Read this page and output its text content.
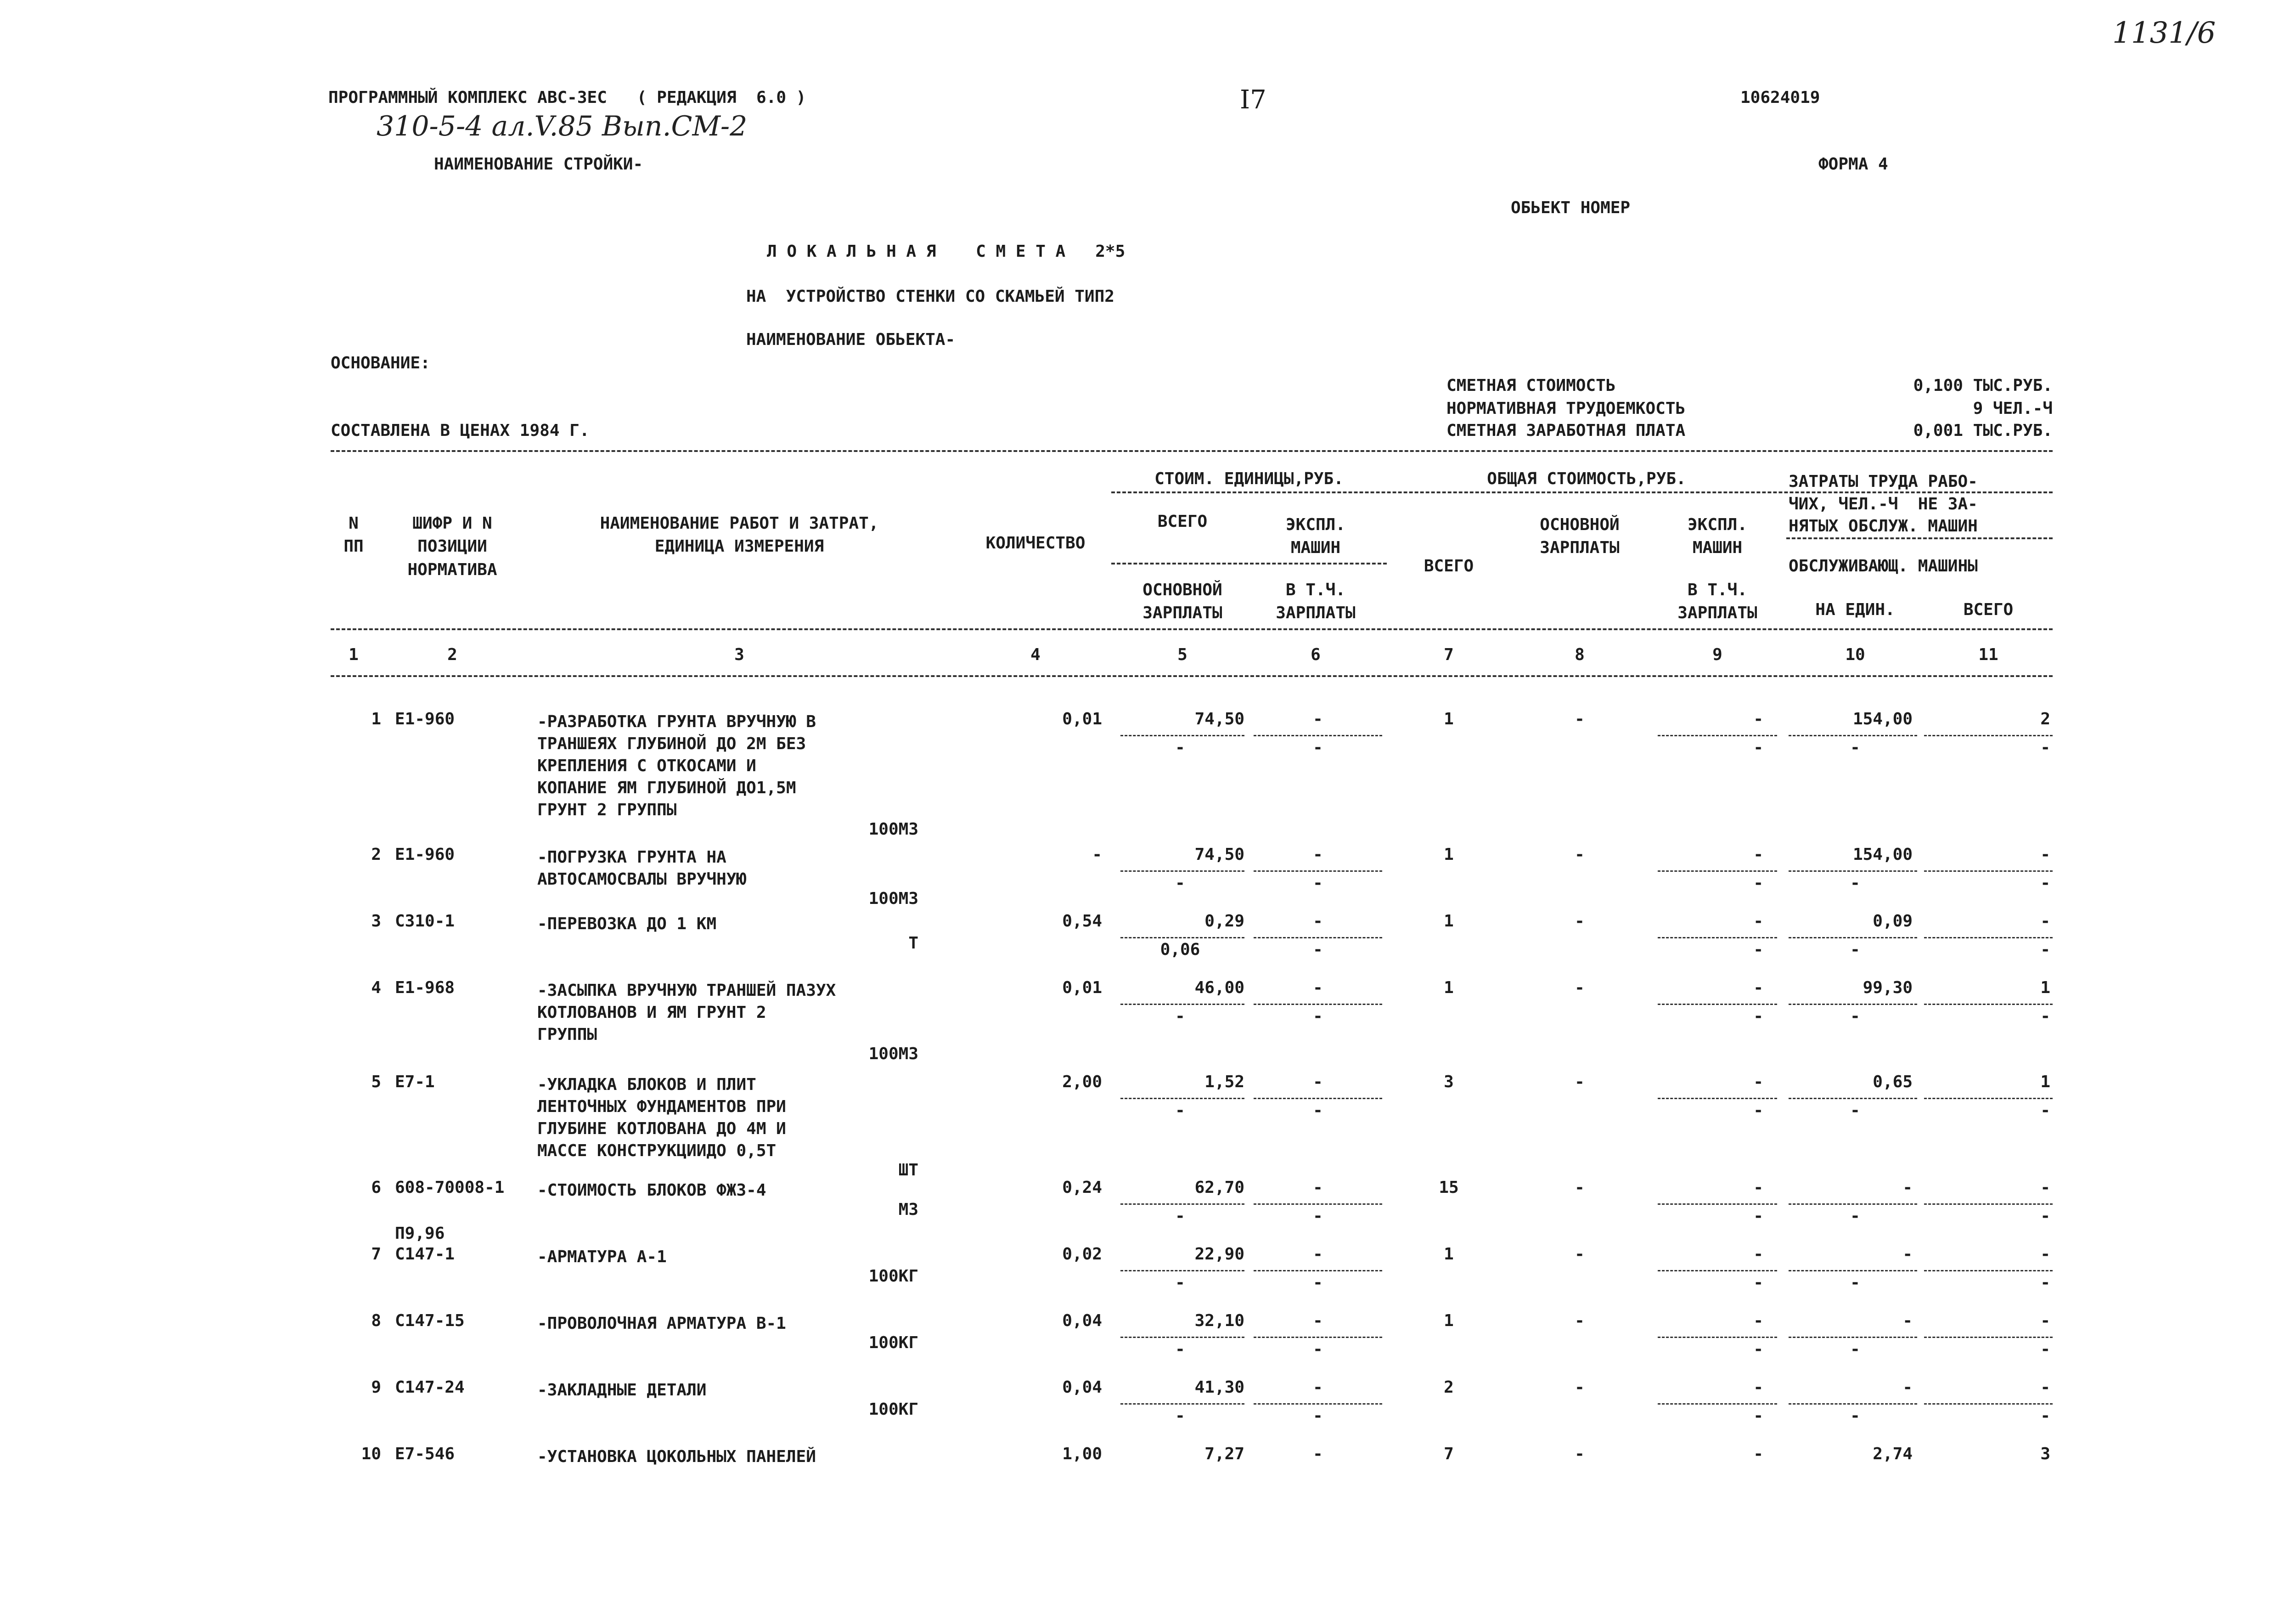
1131/6
ПРОГРАММНЫЙ КОМПЛЕКС АВС-ЗЕС   ( РЕДАКЦИЯ  6.0 )	I7	10624019
310-5-4 ал.V.85 Вып.СМ-2
НАИМЕНОВАНИЕ СТРОЙКИ-	ФОРМА 4
ОБЬЕКТ НОМЕР
Л О К А Л Ь Н А Я    С М Е Т А   2*5
НА  УСТРОЙСТВО СТЕНКИ СО СКАМЬЕЙ ТИП2
НАИМЕНОВАНИЕ ОБЬЕКТА-
ОСНОВАНИЕ:
СМЕТНАЯ СТОИМОСТЬ	0,100 ТЫС.РУБ.
НОРМАТИВНАЯ ТРУДОЕМКОСТЬ	9 ЧЕЛ.-Ч
СОСТАВЛЕНА В ЦЕНАХ 1984 Г.	СМЕТНАЯ ЗАРАБОТНАЯ ПЛАТА	0,001 ТЫС.РУБ.
N
ПП
ШИФР И N
ПОЗИЦИИ
НОРМАТИВА
НАИМЕНОВАНИЕ РАБОТ И ЗАТРАТ,
ЕДИНИЦА ИЗМЕРЕНИЯ	КОЛИЧЕСТВО
СТОИМ. ЕДИНИЦЫ,РУБ.
ВСЕГО	ЭКСПЛ.
МАШИН
ОСНОВНОЙ
ЗАРПЛАТЫ
В Т.Ч.
ЗАРПЛАТЫ
ОБЩАЯ СТОИМОСТЬ,РУБ.
ВСЕГО
ОСНОВНОЙ
ЗАРПЛАТЫ
ЭКСПЛ.
МАШИН
В Т.Ч.
ЗАРПЛАТЫ
ЗАТРАТЫ ТРУДА РАБО-
ЧИХ, ЧЕЛ.-Ч  НЕ ЗА-
НЯТЫХ ОБСЛУЖ. МАШИН
ОБСЛУЖИВАЮЩ. МАШИНЫ
НА ЕДИН.	ВСЕГО
1	2	3	4	5	6	7	8	9	10	11
1 Е1-960	-РАЗРАБОТКА ГРУНТА ВРУЧНУЮ В
ТРАНШЕЯХ ГЛУБИНОЙ ДО 2М БЕЗ
КРЕПЛЕНИЯ С ОТКОСАМИ И
КОПАНИЕ ЯМ ГЛУБИНОЙ ДО1,5М
ГРУНТ 2 ГРУППЫ
100М3
0,01	74,50	-	1	-	-	154,00	2
-	-	-	-	-
2 Е1-960	-ПОГРУЗКА ГРУНТА НА
АВТОСАМОСВАЛЫ ВРУЧНУЮ
100М3
-	74,50	-	1	-	-	154,00	-
-	-	-	-	-
3 С310-1	-ПЕРЕВОЗКА ДО 1 КМ
Т
0,54	0,29	-	1	-	-	0,09	-
0,06	-	-	-	-
4 Е1-968	-ЗАСЫПКА ВРУЧНУЮ ТРАНШЕЙ ПАЗУХ
КОТЛОВАНОВ И ЯМ ГРУНТ 2
ГРУППЫ
100М3
0,01	46,00	-	1	-	-	99,30	1
-	-	-	-	-
5 Е7-1	-УКЛАДКА БЛОКОВ И ПЛИТ
ЛЕНТОЧНЫХ ФУНДАМЕНТОВ ПРИ
ГЛУБИНЕ КОТЛОВАНА ДО 4М И
МАССЕ КОНСТРУКЦИИДО 0,5Т
ШТ
2,00	1,52	-	3	-	-	0,65	1
-	-	-	-	-
6 608-70008-1 -СТОИМОСТЬ БЛОКОВ ФЖ3-4
М3
0,24	62,70	-	15	-	-	-	-
-	-	-	-	-
П9,96
7 С147-1	-АРМАТУРА А-1
100КГ
0,02	22,90	-	1	-	-	-	-
-	-	-	-	-
8 С147-15	-ПРОВОЛОЧНАЯ АРМАТУРА В-1
100КГ
0,04	32,10	-	1	-	-	-	-
-	-	-	-	-
9 С147-24	-ЗАКЛАДНЫЕ ДЕТАЛИ
100КГ
0,04	41,30	-	2	-	-	-	-
-	-	-	-	-
10 Е7-546	-УСТАНОВКА ЦОКОЛЬНЫХ ПАНЕЛЕЙ	1,00	7,27	-	7	-	-	2,74	3
